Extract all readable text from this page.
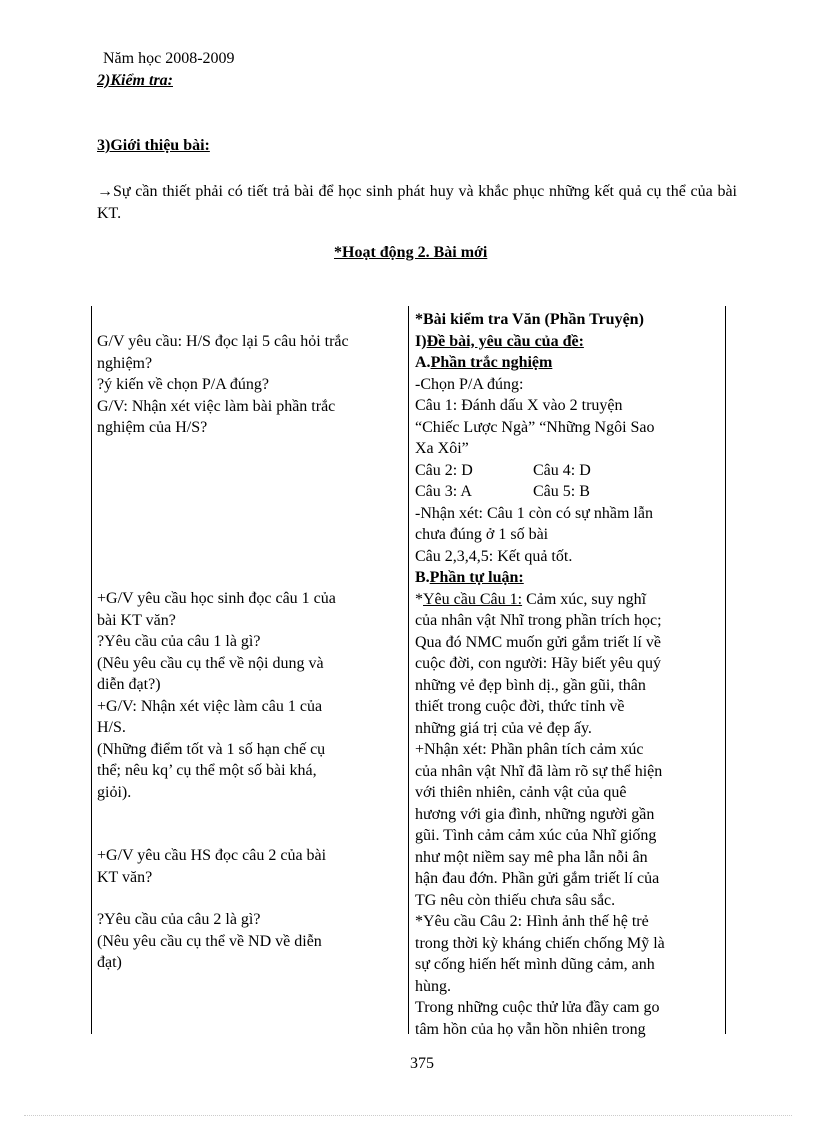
Năm học 2008-2009
2)Kiểm tra:
3)Giới thiệu bài:
→Sự cần thiết phải có tiết trả bài để học sinh phát huy và khắc phục những kết quả cụ thể của bài KT.
*Hoạt động 2. Bài mới
G/V yêu cầu: H/S đọc lại 5 câu hỏi trắc
nghiệm?
?ý kiến về chọn P/A đúng?
G/V: Nhận xét việc làm bài phần trắc
nghiệm của H/S?
+G/V yêu cầu học sinh đọc câu 1 của
bài KT văn?
?Yêu cầu của câu 1 là gì?
(Nêu yêu cầu cụ thể về nội dung và
diễn đạt?)
+G/V: Nhận xét việc làm câu 1 của
H/S.
(Những điểm tốt và 1 số hạn chế cụ
thể; nêu kq’ cụ thể một số bài khá,
giỏi).
+G/V yêu cầu HS đọc câu 2 của bài
KT văn?
?Yêu cầu của câu 2 là gì?
(Nêu yêu cầu cụ thể về ND về diễn
đạt)
*Bài kiểm tra Văn (Phần Truyện)
I)Đề bài, yêu cầu của đề:
A.Phần trắc nghiệm
-Chọn P/A đúng:
Câu 1: Đánh dấu X vào 2 truyện
“Chiếc Lược Ngà” “Những Ngôi Sao
Xa Xôi”
Câu 2: D	Câu 4: D
Câu 3: A	Câu 5: B
-Nhận xét: Câu 1 còn có sự nhầm lẫn
chưa đúng ở 1 số bài
Câu 2,3,4,5: Kết quả tốt.
B.Phần tự luận:
*Yêu cầu Câu 1: Cảm xúc, suy nghĩ
của nhân vật Nhĩ trong phần trích học;
Qua đó NMC muốn gửi gắm triết lí về
cuộc đời, con người: Hãy biết yêu quý
những vẻ đẹp bình dị., gần gũi, thân
thiết trong cuộc đời, thức tỉnh về
những giá trị của vẻ đẹp ấy.
+Nhận xét: Phần phân tích cảm xúc
của nhân vật Nhĩ đã làm rõ sự thể hiện
với thiên nhiên, cảnh vật của quê
hương với gia đình, những người gần
gũi. Tình cảm cảm xúc của Nhĩ giống
như một niềm say mê pha lẫn nỗi ân
hận đau đớn. Phần gửi gắm triết lí của
TG nêu còn thiếu chưa sâu sắc.
*Yêu cầu Câu 2: Hình ảnh thế hệ trẻ
trong thời kỳ kháng chiến chống Mỹ là
sự cống hiến hết mình dũng cảm, anh
hùng.
Trong những cuộc thử lửa đầy cam go
tâm hồn của họ vẫn hồn nhiên trong
375
